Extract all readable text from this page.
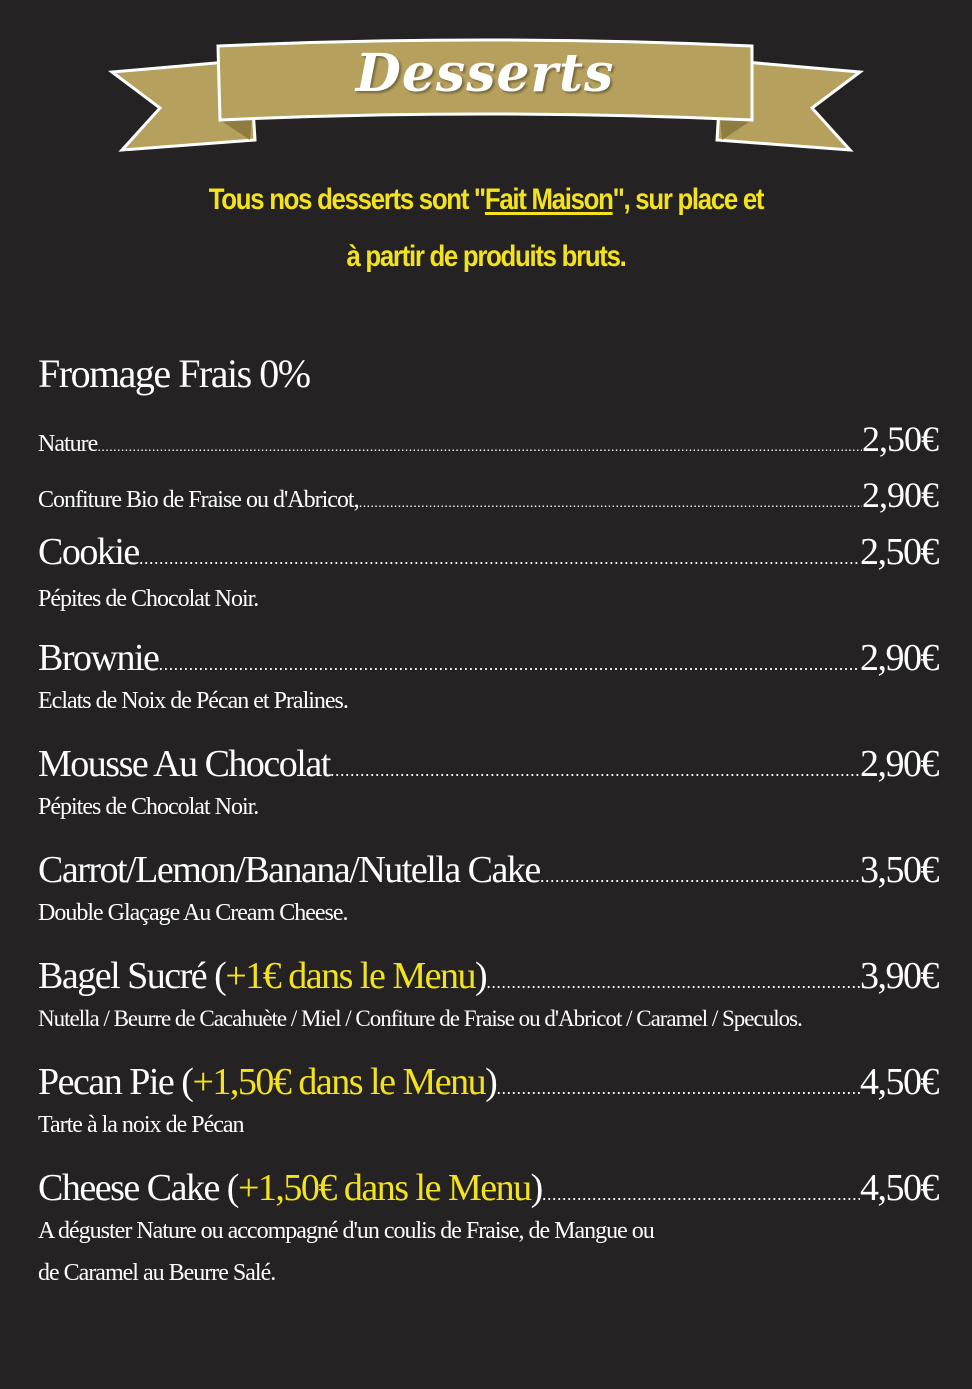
Desserts
Tous nos desserts sont "Fait Maison", sur place et
à partir de produits bruts.
Fromage Frais 0%
Nature .....	2,50€
Confiture Bio de Fraise ou d'Abricot, .....	2,90€
Cookie .....	2,50€
Pépites de Chocolat Noir.
Brownie .....	2,90€
Eclats de Noix de Pécan et Pralines.
Mousse Au Chocolat .....	2,90€
Pépites de Chocolat Noir.
Carrot/Lemon/Banana/Nutella Cake .....	3,50€
Double Glaçage Au Cream Cheese.
Bagel Sucré ( +1€ dans le Menu ) .....	3,90€
Nutella / Beurre de Cacahuète / Miel / Confiture de Fraise ou d'Abricot / Caramel / Speculos.
Pecan Pie ( +1,50€ dans le Menu ) .....	4,50€
Tarte à la noix de Pécan
Cheese Cake ( +1,50€ dans le Menu ) .....	4,50€
A déguster Nature ou accompagné d'un coulis de Fraise, de Mangue ou
de Caramel au Beurre Salé.
